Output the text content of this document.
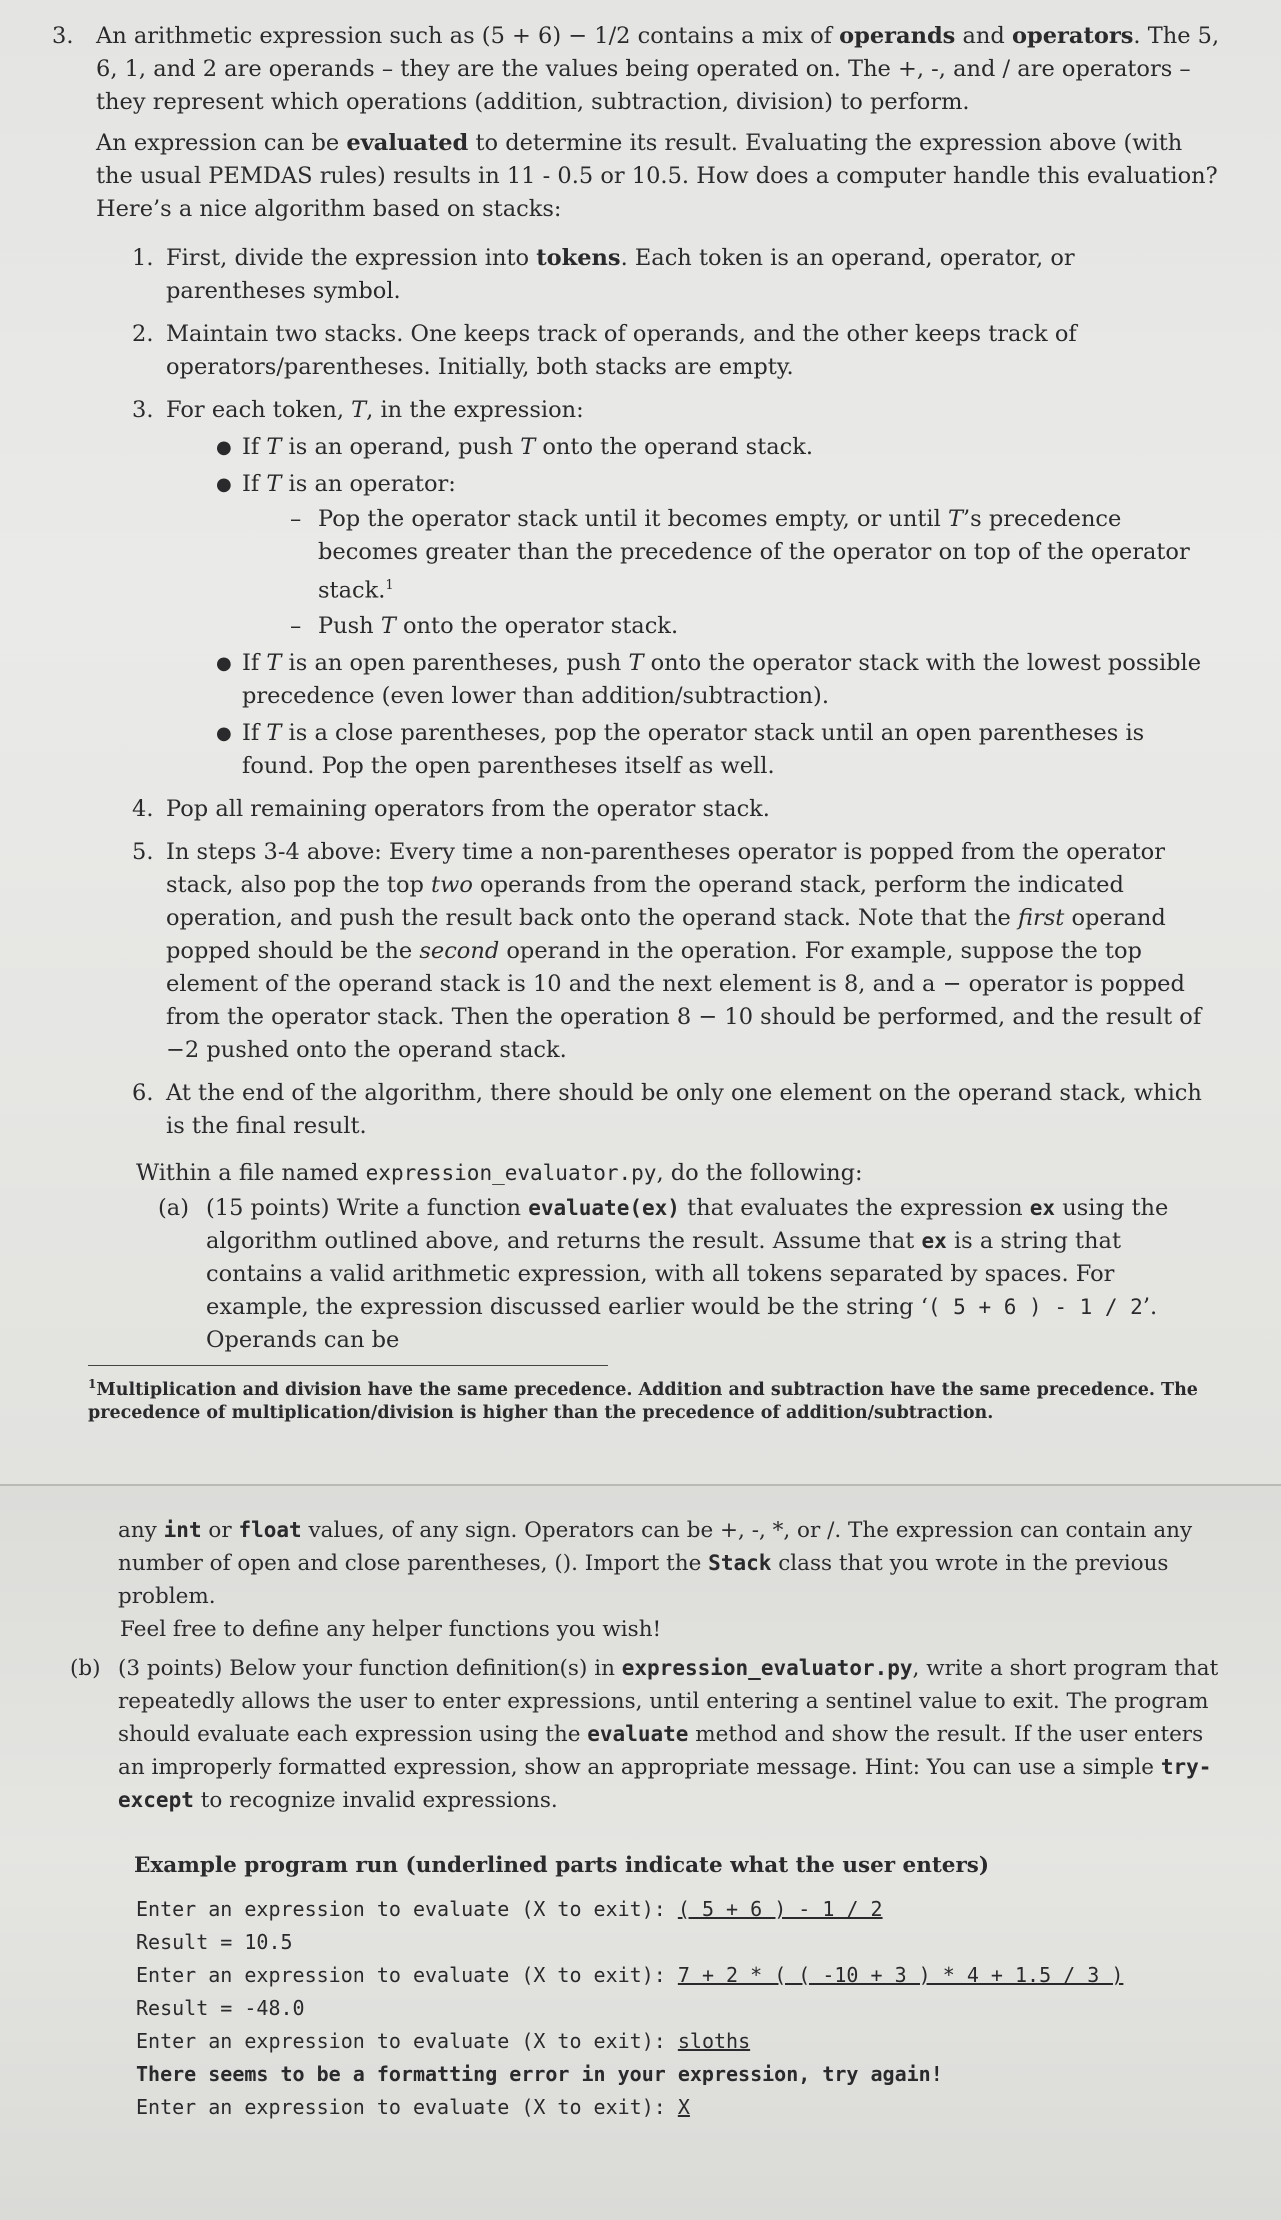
3. An arithmetic expression such as (5 + 6) − 1/2 contains a mix of operands and operators. The 5, 6, 1, and 2 are operands – they are the values being operated on. The +, -, and / are operators – they represent which operations (addition, subtraction, division) to perform.

An expression can be evaluated to determine its result. Evaluating the expression above (with the usual PEMDAS rules) results in 11 - 0.5 or 10.5. How does a computer handle this evaluation? Here’s a nice algorithm based on stacks:

1. First, divide the expression into tokens. Each token is an operand, operator, or parentheses symbol.
2. Maintain two stacks. One keeps track of operands, and the other keeps track of operators/parentheses. Initially, both stacks are empty.
3. For each token, T, in the expression:
● If T is an operand, push T onto the operand stack.
● If T is an operator:
– Pop the operator stack until it becomes empty, or until T’s precedence becomes greater than the precedence of the operator on top of the operator stack.$^1$
– Push T onto the operator stack.
● If T is an open parentheses, push T onto the operator stack with the lowest possible precedence (even lower than addition/subtraction).
● If T is a close parentheses, pop the operator stack until an open parentheses is found. Pop the open parentheses itself as well.
4. Pop all remaining operators from the operator stack.
5. In steps 3-4 above: Every time a non-parentheses operator is popped from the operator stack, also pop the top two operands from the operand stack, perform the indicated operation, and push the result back onto the operand stack. Note that the first operand popped should be the second operand in the operation. For example, suppose the top element of the operand stack is 10 and the next element is 8, and a − operator is popped from the operator stack. Then the operation 8 − 10 should be performed, and the result of −2 pushed onto the operand stack.
6. At the end of the algorithm, there should be only one element on the operand stack, which is the final result.

Within a file named expression_evaluator.py, do the following:

(a) (15 points) Write a function evaluate(ex) that evaluates the expression ex using the algorithm outlined above, and returns the result. Assume that ex is a string that contains a valid arithmetic expression, with all tokens separated by spaces. For example, the expression discussed earlier would be the string ‘( 5 + 6 ) - 1 / 2’. Operands can be

$^1$Multiplication and division have the same precedence. Addition and subtraction have the same precedence. The precedence of multiplication/division is higher than the precedence of addition/subtraction.

any int or float values, of any sign. Operators can be +, -, *, or /. The expression can contain any number of open and close parentheses, (). Import the Stack class that you wrote in the previous problem.

Feel free to define any helper functions you wish!

(b) (3 points) Below your function definition(s) in expression_evaluator.py, write a short program that repeatedly allows the user to enter expressions, until entering a sentinel value to exit. The program should evaluate each expression using the evaluate method and show the result. If the user enters an improperly formatted expression, show an appropriate message. Hint: You can use a simple try-except to recognize invalid expressions.

Example program run (underlined parts indicate what the user enters)

Enter an expression to evaluate (X to exit): ( 5 + 6 ) - 1 / 2
Result = 10.5
Enter an expression to evaluate (X to exit): 7 + 2 * ( ( -10 + 3 ) * 4 + 1.5 / 3 )
Result = -48.0
Enter an expression to evaluate (X to exit): sloths
There seems to be a formatting error in your expression, try again!
Enter an expression to evaluate (X to exit): X
